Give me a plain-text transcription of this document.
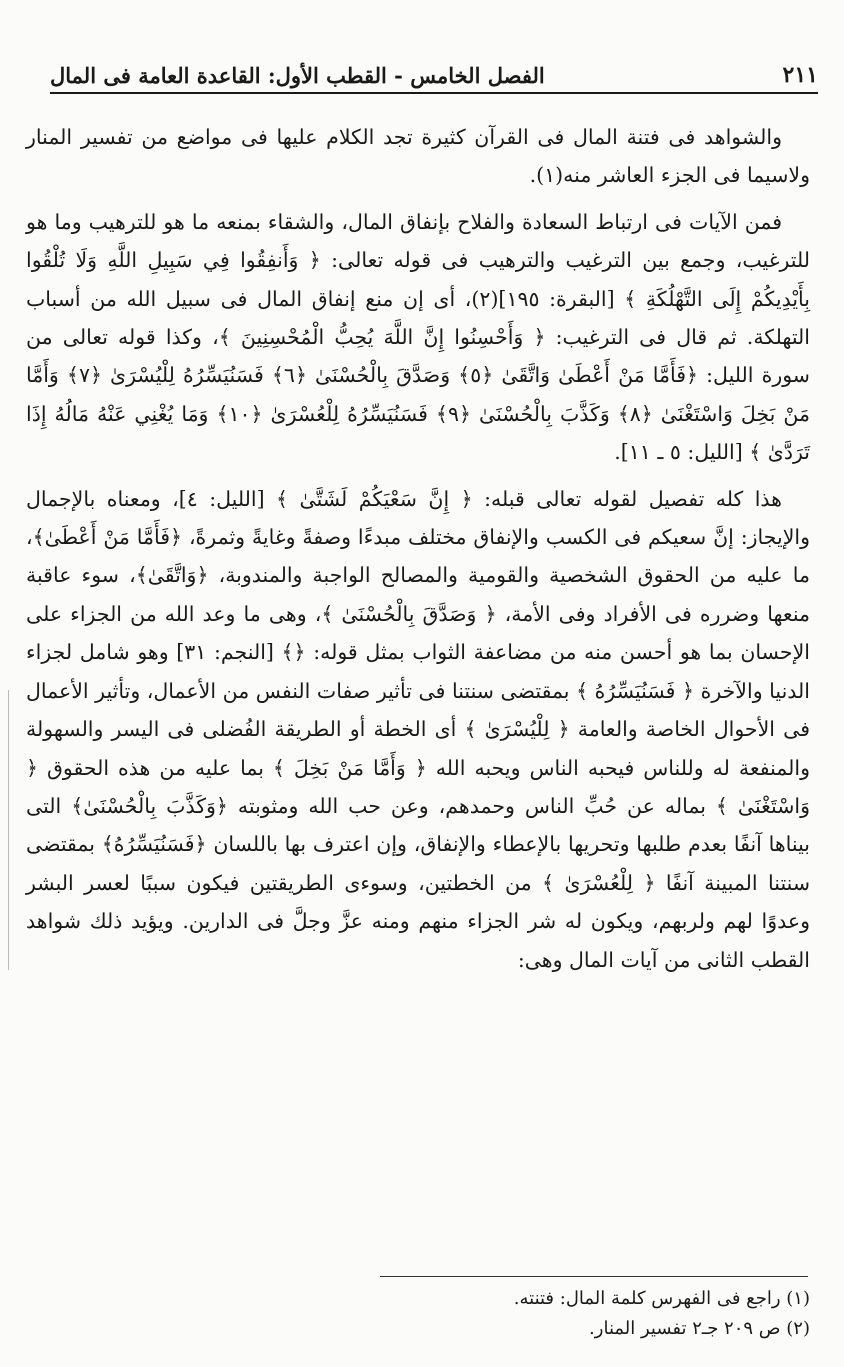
٢١١
الفصل الخامس - القطب الأول: القاعدة العامة فى المال

والشواهد فى فتنة المال فى القرآن كثيرة تجد الكلام عليها فى مواضع من تفسير المنار ولاسيما فى الجزء العاشر منه(١).

فمن الآيات فى ارتباط السعادة والفلاح بإنفاق المال، والشقاء بمنعه ما هو للترهيب وما هو للترغيب، وجمع بين الترغيب والترهيب فى قوله تعالى: ﴿ وَأَنفِقُوا فِي سَبِيلِ اللَّهِ وَلَا تُلْقُوا بِأَيْدِيكُمْ إِلَى التَّهْلُكَةِ ﴾ [البقرة: ١٩٥](٢)، أى إن منع إنفاق المال فى سبيل الله من أسباب التهلكة. ثم قال فى الترغيب: ﴿ وَأَحْسِنُوا إِنَّ اللَّهَ يُحِبُّ الْمُحْسِنِينَ ﴾، وكذا قوله تعالى من سورة الليل: ﴿فَأَمَّا مَنْ أَعْطَىٰ وَاتَّقَىٰ ﴿٥﴾ وَصَدَّقَ بِالْحُسْنَىٰ ﴿٦﴾ فَسَنُيَسِّرُهُ لِلْيُسْرَىٰ ﴿٧﴾ وَأَمَّا مَنْ بَخِلَ وَاسْتَغْنَىٰ ﴿٨﴾ وَكَذَّبَ بِالْحُسْنَىٰ ﴿٩﴾ فَسَنُيَسِّرُهُ لِلْعُسْرَىٰ ﴿١٠﴾ وَمَا يُغْنِي عَنْهُ مَالُهُ إِذَا تَرَدَّىٰ ﴾ [الليل: ٥ ـ ١١].

هذا كله تفصيل لقوله تعالى قبله: ﴿ إِنَّ سَعْيَكُمْ لَشَتَّىٰ ﴾ [الليل: ٤]، ومعناه بالإجمال والإيجاز: إنَّ سعيكم فى الكسب والإنفاق مختلف مبدءًا وصفةً وغايةً وثمرةً، ﴿فَأَمَّا مَنْ أَعْطَىٰ﴾، ما عليه من الحقوق الشخصية والقومية والمصالح الواجبة والمندوبة، ﴿وَاتَّقَىٰ﴾، سوء عاقبة منعها وضرره فى الأفراد وفى الأمة، ﴿ وَصَدَّقَ بِالْحُسْنَىٰ ﴾، وهى ما وعد الله من الجزاء على الإحسان بما هو أحسن منه من مضاعفة الثواب بمثل قوله: ﴿﴾ [النجم: ٣١] وهو شامل لجزاء الدنيا والآخرة ﴿ فَسَنُيَسِّرُهُ ﴾ بمقتضى سنتنا فى تأثير صفات النفس من الأعمال، وتأثير الأعمال فى الأحوال الخاصة والعامة ﴿ لِلْيُسْرَىٰ ﴾ أى الخطة أو الطريقة الفُضلى فى اليسر والسهولة والمنفعة له وللناس فيحبه الناس ويحبه الله ﴿ وَأَمَّا مَنْ بَخِلَ ﴾ بما عليه من هذه الحقوق ﴿ وَاسْتَغْنَىٰ ﴾ بماله عن حُبِّ الناس وحمدهم، وعن حب الله ومثوبته ﴿وَكَذَّبَ بِالْحُسْنَىٰ﴾ التى بيناها آنفًا بعدم طلبها وتحريها بالإعطاء والإنفاق، وإن اعترف بها باللسان ﴿فَسَنُيَسِّرُهُ﴾ بمقتضى سنتنا المبينة آنفًا ﴿ لِلْعُسْرَىٰ ﴾ من الخطتين، وسوءى الطريقتين فيكون سببًا لعسر البشر وعدوًا لهم ولربهم، ويكون له شر الجزاء منهم ومنه عزَّ وجلَّ فى الدارين. ويؤيد ذلك شواهد القطب الثانى من آيات المال وهى:

(١) راجع فى الفهرس كلمة المال: فتنته.

(٢) ص ٢٠٩ جـ٢ تفسير المنار.
